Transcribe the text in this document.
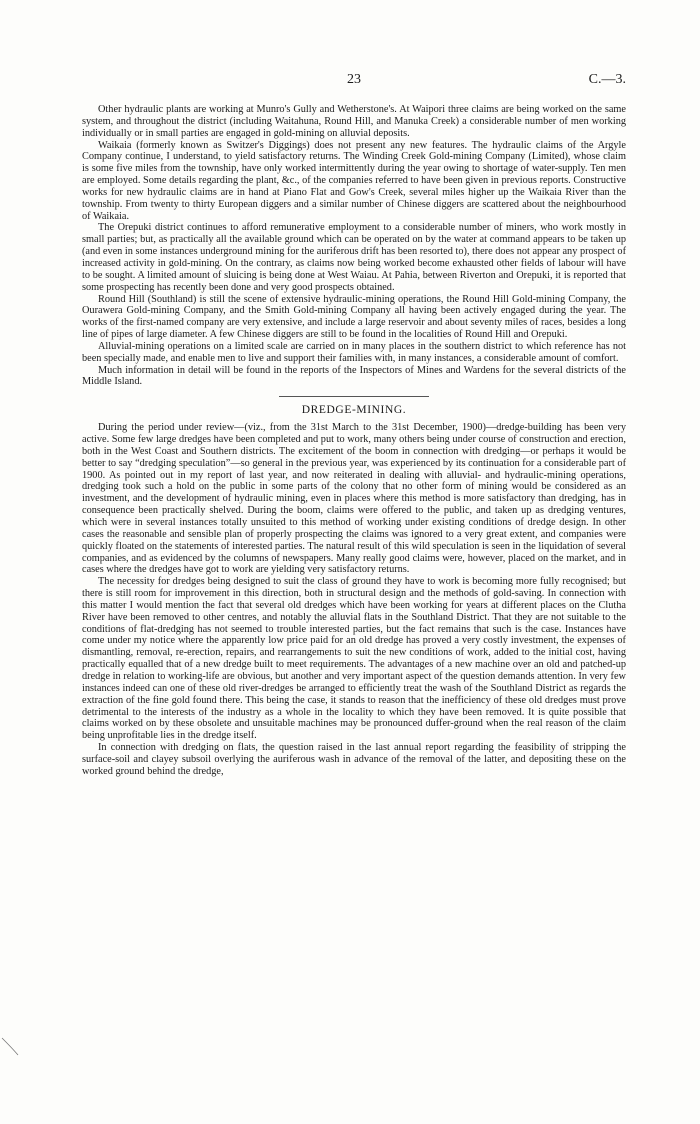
23	C.—3.

Other hydraulic plants are working at Munro's Gully and Wetherstone's. At Waipori three claims are being worked on the same system, and throughout the district (including Waitahuna, Round Hill, and Manuka Creek) a considerable number of men working individually or in small parties are engaged in gold-mining on alluvial deposits.

Waikaia (formerly known as Switzer's Diggings) does not present any new features. The hydraulic claims of the Argyle Company continue, I understand, to yield satisfactory returns. The Winding Creek Gold-mining Company (Limited), whose claim is some five miles from the township, have only worked intermittently during the year owing to shortage of water-supply. Ten men are employed. Some details regarding the plant, &c., of the companies referred to have been given in previous reports. Constructive works for new hydraulic claims are in hand at Piano Flat and Gow's Creek, several miles higher up the Waikaia River than the township. From twenty to thirty European diggers and a similar number of Chinese diggers are scattered about the neighbourhood of Waikaia.

The Orepuki district continues to afford remunerative employment to a considerable number of miners, who work mostly in small parties; but, as practically all the available ground which can be operated on by the water at command appears to be taken up (and even in some instances underground mining for the auriferous drift has been resorted to), there does not appear any prospect of increased activity in gold-mining. On the contrary, as claims now being worked become exhausted other fields of labour will have to be sought. A limited amount of sluicing is being done at West Waiau. At Pahia, between Riverton and Orepuki, it is reported that some prospecting has recently been done and very good prospects obtained.

Round Hill (Southland) is still the scene of extensive hydraulic-mining operations, the Round Hill Gold-mining Company, the Ourawera Gold-mining Company, and the Smith Gold-mining Company all having been actively engaged during the year. The works of the first-named company are very extensive, and include a large reservoir and about seventy miles of races, besides a long line of pipes of large diameter. A few Chinese diggers are still to be found in the localities of Round Hill and Orepuki.

Alluvial-mining operations on a limited scale are carried on in many places in the southern district to which reference has not been specially made, and enable men to live and support their families with, in many instances, a considerable amount of comfort.

Much information in detail will be found in the reports of the Inspectors of Mines and Wardens for the several districts of the Middle Island.

DREDGE-MINING.

During the period under review—(viz., from the 31st March to the 31st December, 1900)—dredge-building has been very active. Some few large dredges have been completed and put to work, many others being under course of construction and erection, both in the West Coast and Southern districts. The excitement of the boom in connection with dredging—or perhaps it would be better to say “dredging speculation”—so general in the previous year, was experienced by its continuation for a considerable part of 1900. As pointed out in my report of last year, and now reiterated in dealing with alluvial- and hydraulic-mining operations, dredging took such a hold on the public in some parts of the colony that no other form of mining would be considered as an investment, and the development of hydraulic mining, even in places where this method is more satisfactory than dredging, has in consequence been practically shelved. During the boom, claims were offered to the public, and taken up as dredging ventures, which were in several instances totally unsuited to this method of working under existing conditions of dredge design. In other cases the reasonable and sensible plan of properly prospecting the claims was ignored to a very great extent, and companies were quickly floated on the statements of interested parties. The natural result of this wild speculation is seen in the liquidation of several companies, and as evidenced by the columns of newspapers. Many really good claims were, however, placed on the market, and in cases where the dredges have got to work are yielding very satisfactory returns.

The necessity for dredges being designed to suit the class of ground they have to work is becoming more fully recognised; but there is still room for improvement in this direction, both in structural design and the methods of gold-saving. In connection with this matter I would mention the fact that several old dredges which have been working for years at different places on the Clutha River have been removed to other centres, and notably the alluvial flats in the Southland District. That they are not suitable to the conditions of flat-dredging has not seemed to trouble interested parties, but the fact remains that such is the case. Instances have come under my notice where the apparently low price paid for an old dredge has proved a very costly investment, the expenses of dismantling, removal, re-erection, repairs, and rearrangements to suit the new conditions of work, added to the initial cost, having practically equalled that of a new dredge built to meet requirements. The advantages of a new machine over an old and patched-up dredge in relation to working-life are obvious, but another and very important aspect of the question demands attention. In very few instances indeed can one of these old river-dredges be arranged to efficiently treat the wash of the Southland District as regards the extraction of the fine gold found there. This being the case, it stands to reason that the inefficiency of these old dredges must prove detrimental to the interests of the industry as a whole in the locality to which they have been removed. It is quite possible that claims worked on by these obsolete and unsuitable machines may be pronounced duffer-ground when the real reason of the claim being unprofitable lies in the dredge itself.

In connection with dredging on flats, the question raised in the last annual report regarding the feasibility of stripping the surface-soil and clayey subsoil overlying the auriferous wash in advance of the removal of the latter, and depositing these on the worked ground behind the dredge,
